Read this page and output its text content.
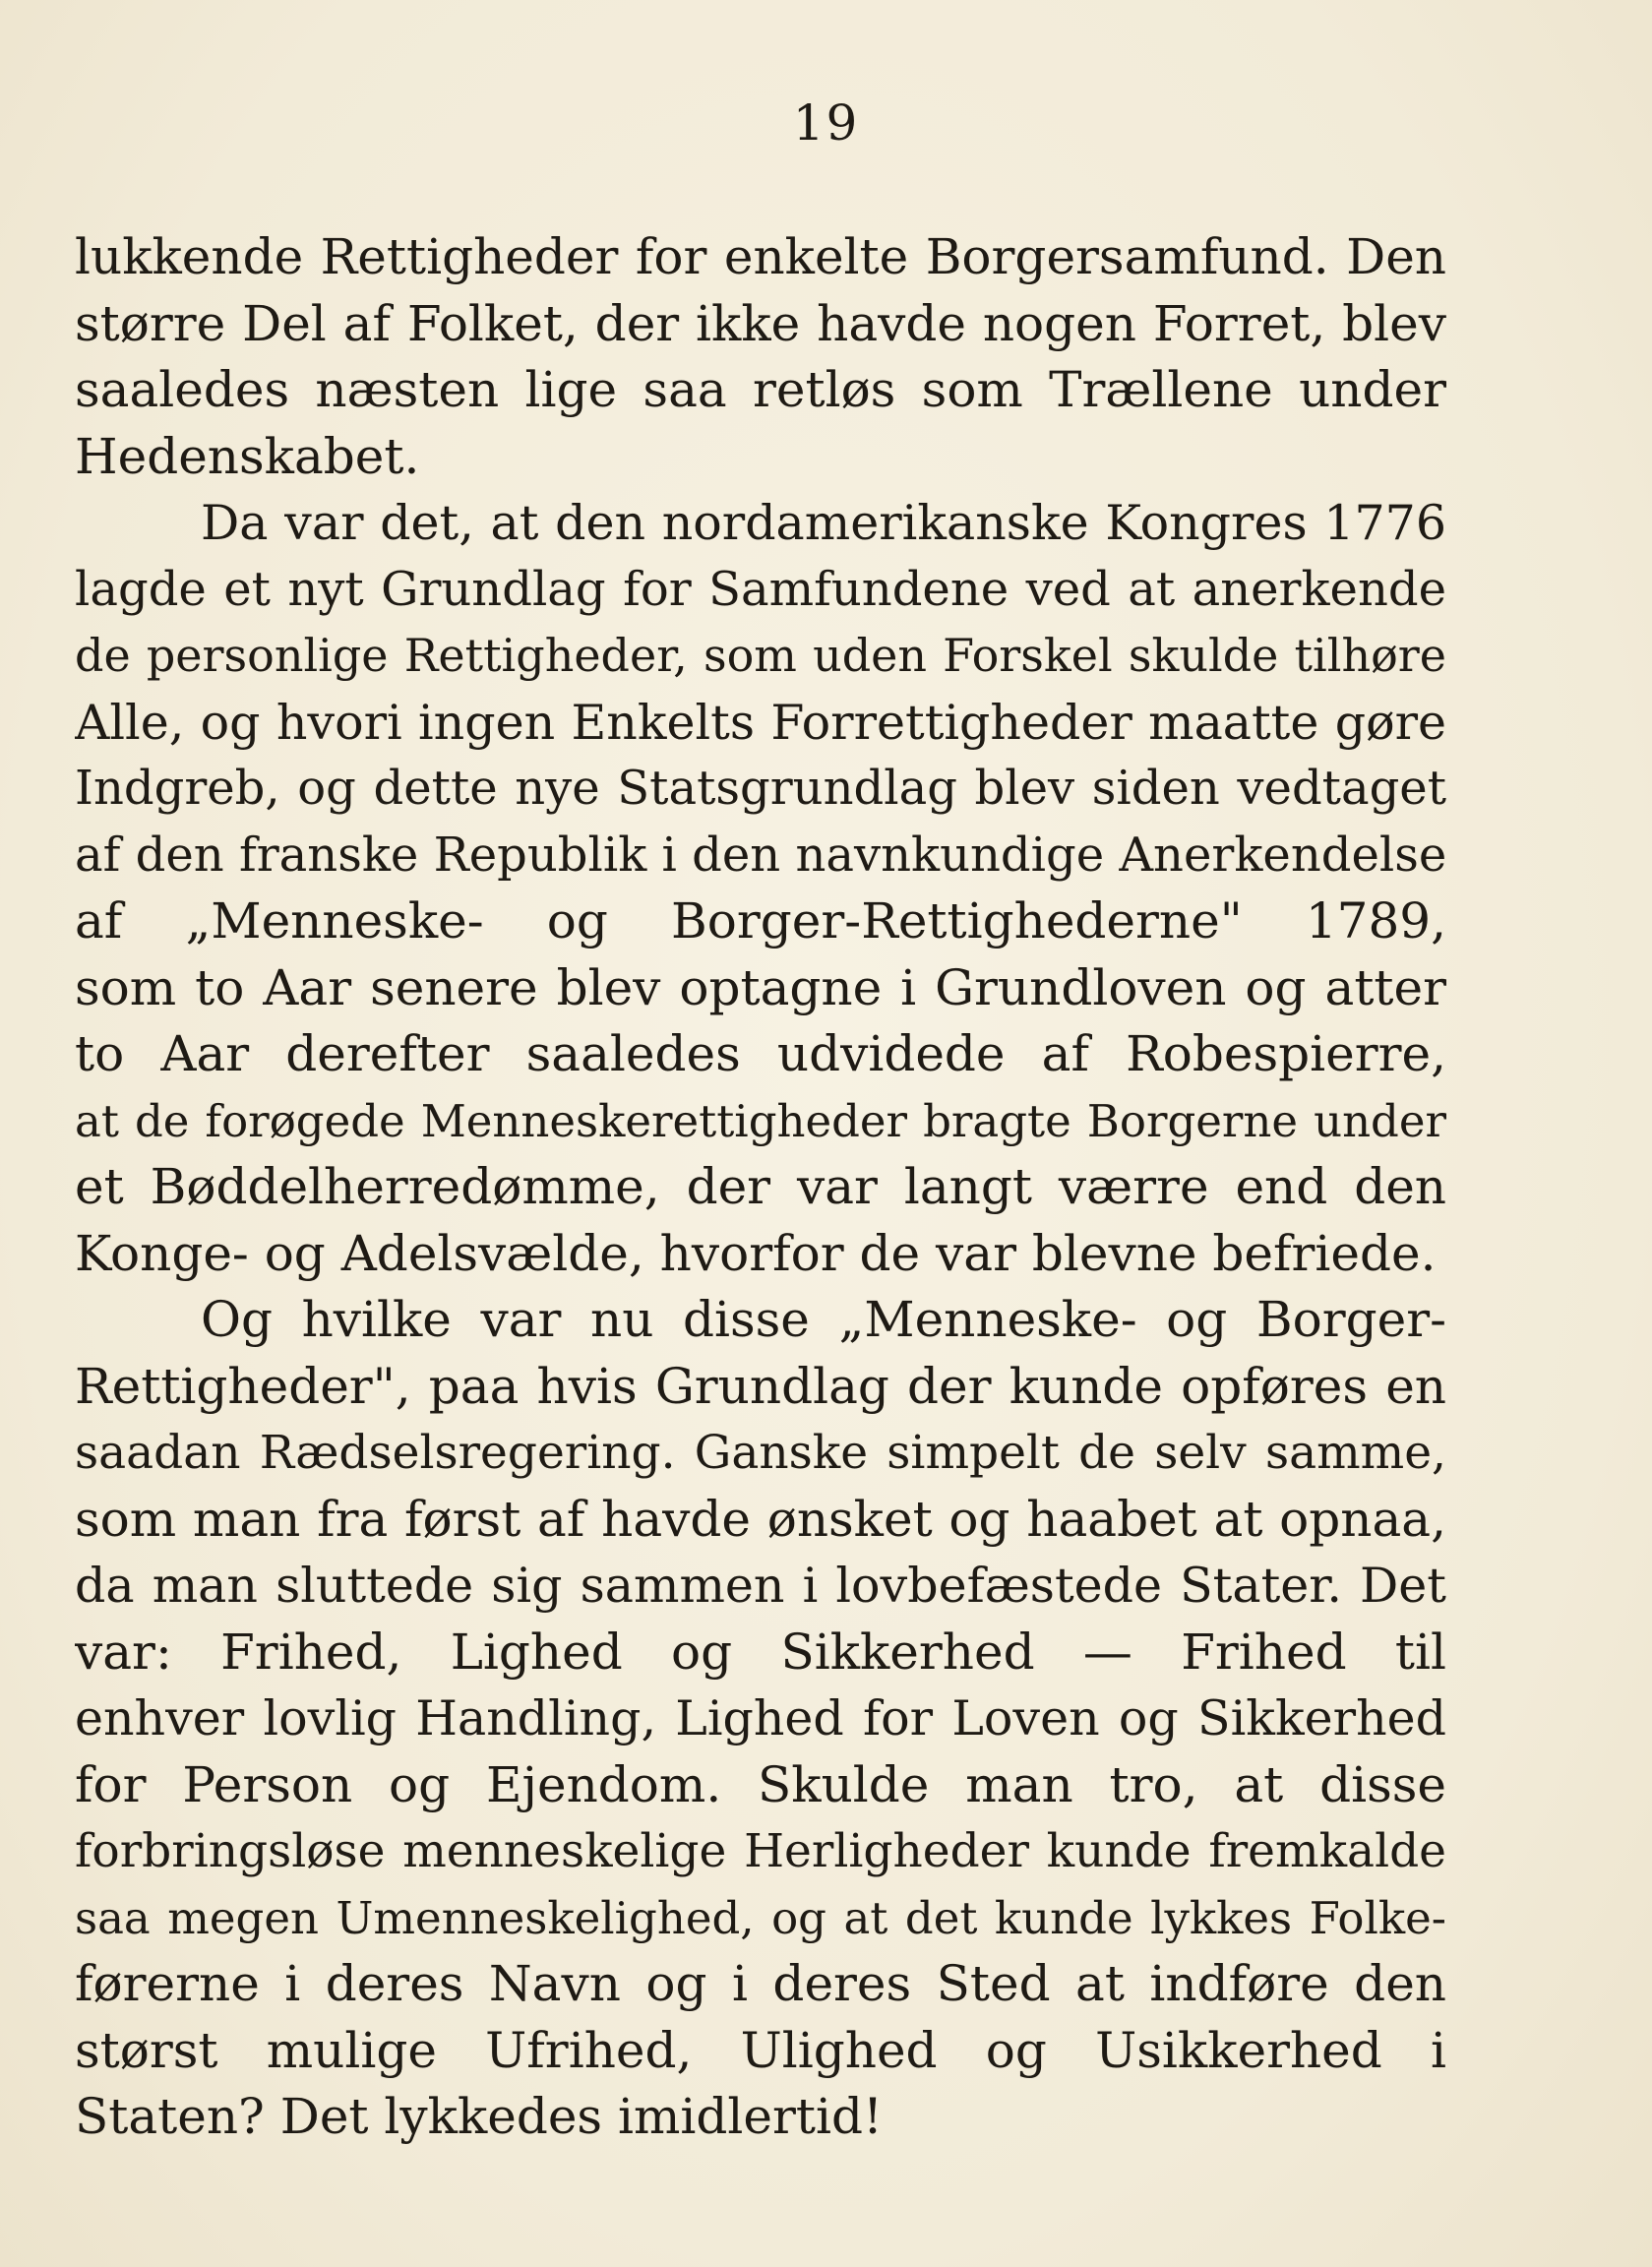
19
lukkende Rettigheder for enkelte Borgersamfund. Den
større Del af Folket, der ikke havde nogen Forret, blev
saaledes næsten lige saa retløs som Trællene under
Hedenskabet.
Da var det, at den nordamerikanske Kongres 1776
lagde et nyt Grundlag for Samfundene ved at anerkende
de personlige Rettigheder, som uden Forskel skulde tilhøre
Alle, og hvori ingen Enkelts Forrettigheder maatte gøre
Indgreb, og dette nye Statsgrundlag blev siden vedtaget
af den franske Republik i den navnkundige Anerkendelse
af „Menneske- og Borger-Rettighederne" 1789,
som to Aar senere blev optagne i Grundloven og atter
to Aar derefter saaledes udvidede af Robespierre,
at de forøgede Menneskerettigheder bragte Borgerne under
et Bøddelherredømme, der var langt værre end den
Konge- og Adelsvælde, hvorfor de var blevne befriede.
Og hvilke var nu disse „Menneske- og Borger-
Rettigheder", paa hvis Grundlag der kunde opføres en
saadan Rædselsregering. Ganske simpelt de selv samme,
som man fra først af havde ønsket og haabet at opnaa,
da man sluttede sig sammen i lovbefæstede Stater. Det
var: Frihed, Lighed og Sikkerhed — Frihed til
enhver lovlig Handling, Lighed for Loven og Sikkerhed
for Person og Ejendom. Skulde man tro, at disse
forbringsløse menneskelige Herligheder kunde fremkalde
saa megen Umenneskelighed, og at det kunde lykkes Folke-
førerne i deres Navn og i deres Sted at indføre den
størst mulige Ufrihed, Ulighed og Usikkerhed i
Staten? Det lykkedes imidlertid!
